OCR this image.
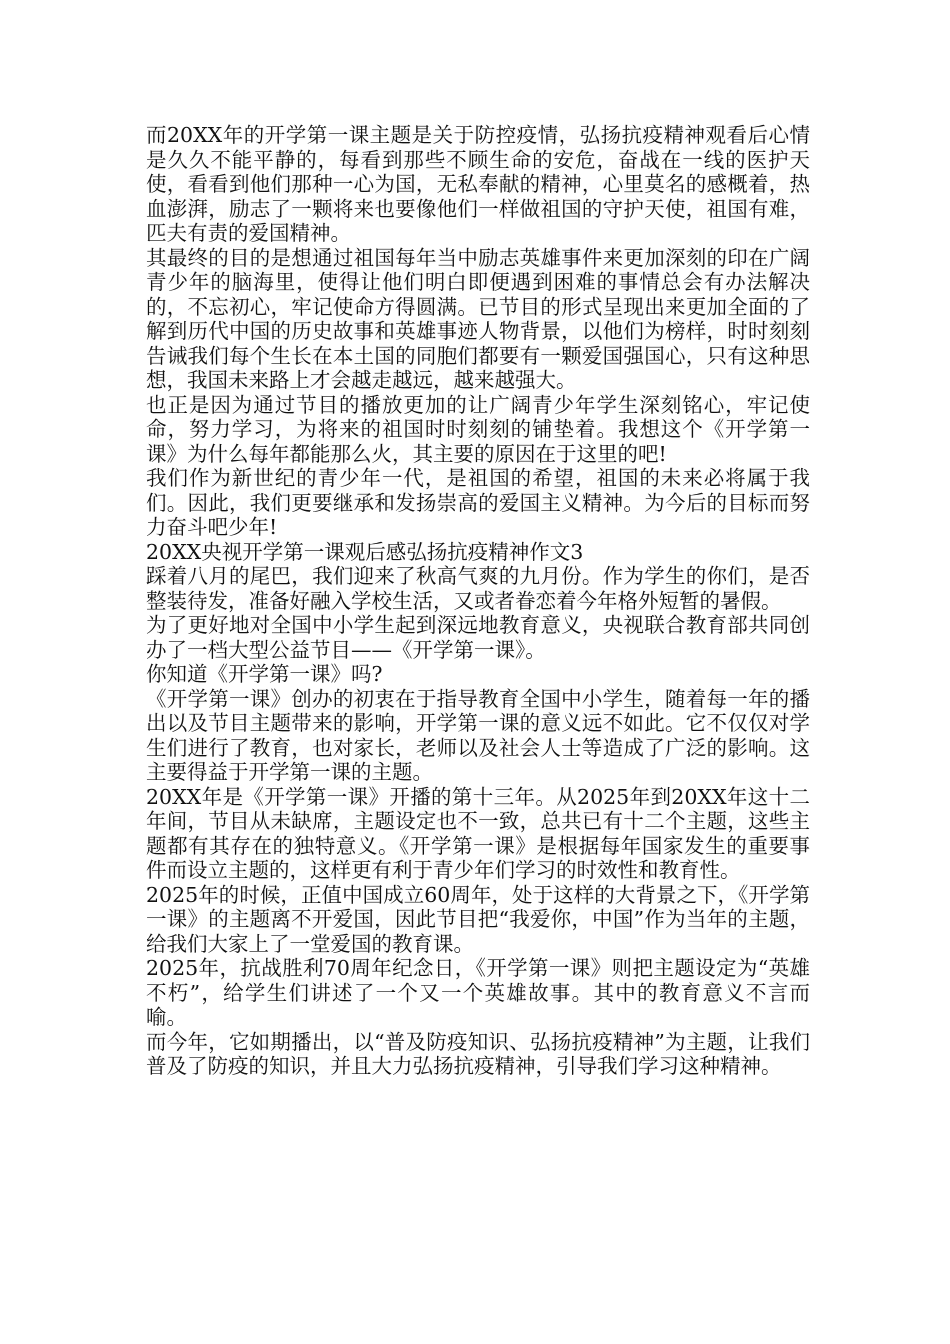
而20XX年的开学第一课主题是关于防控疫情，弘扬抗疫精神观看后心情是久久不能平静的，每看到那些不顾生命的安危，奋战在一线的医护天使，看看到他们那种一心为国，无私奉献的精神，心里莫名的感概着，热血澎湃，励志了一颗将来也要像他们一样做祖国的守护天使，祖国有难，匹夫有责的爱国精神。

其最终的目的是想通过祖国每年当中励志英雄事件来更加深刻的印在广阔青少年的脑海里，使得让他们明白即便遇到困难的事情总会有办法解决的，不忘初心，牢记使命方得圆满。已节目的形式呈现出来更加全面的了解到历代中国的历史故事和英雄事迹人物背景，以他们为榜样，时时刻刻告诫我们每个生长在本土国的同胞们都要有一颗爱国强国心，只有这种思想，我国未来路上才会越走越远，越来越强大。

也正是因为通过节目的播放更加的让广阔青少年学生深刻铭心，牢记使命，努力学习，为将来的祖国时时刻刻的铺垫着。我想这个《开学第一课》为什么每年都能那么火，其主要的原因在于这里的吧!

我们作为新世纪的青少年一代，是祖国的希望，祖国的未来必将属于我们。因此，我们更要继承和发扬崇高的爱国主义精神。为今后的目标而努力奋斗吧少年!

20XX央视开学第一课观后感弘扬抗疫精神作文3

踩着八月的尾巴，我们迎来了秋高气爽的九月份。作为学生的你们，是否整装待发，准备好融入学校生活，又或者眷恋着今年格外短暂的暑假。

为了更好地对全国中小学生起到深远地教育意义，央视联合教育部共同创办了一档大型公益节目——《开学第一课》。

你知道《开学第一课》吗?

《开学第一课》创办的初衷在于指导教育全国中小学生，随着每一年的播出以及节目主题带来的影响，开学第一课的意义远不如此。它不仅仅对学生们进行了教育，也对家长，老师以及社会人士等造成了广泛的影响。这主要得益于开学第一课的主题。

20XX年是《开学第一课》开播的第十三年。从2025年到20XX年这十二年间，节目从未缺席，主题设定也不一致，总共已有十二个主题，这些主题都有其存在的独特意义。《开学第一课》是根据每年国家发生的重要事件而设立主题的，这样更有利于青少年们学习的时效性和教育性。

2025年的时候，正值中国成立60周年，处于这样的大背景之下，《开学第一课》的主题离不开爱国，因此节目把“我爱你，中国”作为当年的主题，给我们大家上了一堂爱国的教育课。

2025年，抗战胜利70周年纪念日，《开学第一课》则把主题设定为“英雄不朽”，给学生们讲述了一个又一个英雄故事。其中的教育意义不言而喻。

而今年，它如期播出，以“普及防疫知识、弘扬抗疫精神”为主题，让我们普及了防疫的知识，并且大力弘扬抗疫精神，引导我们学习这种精神。
